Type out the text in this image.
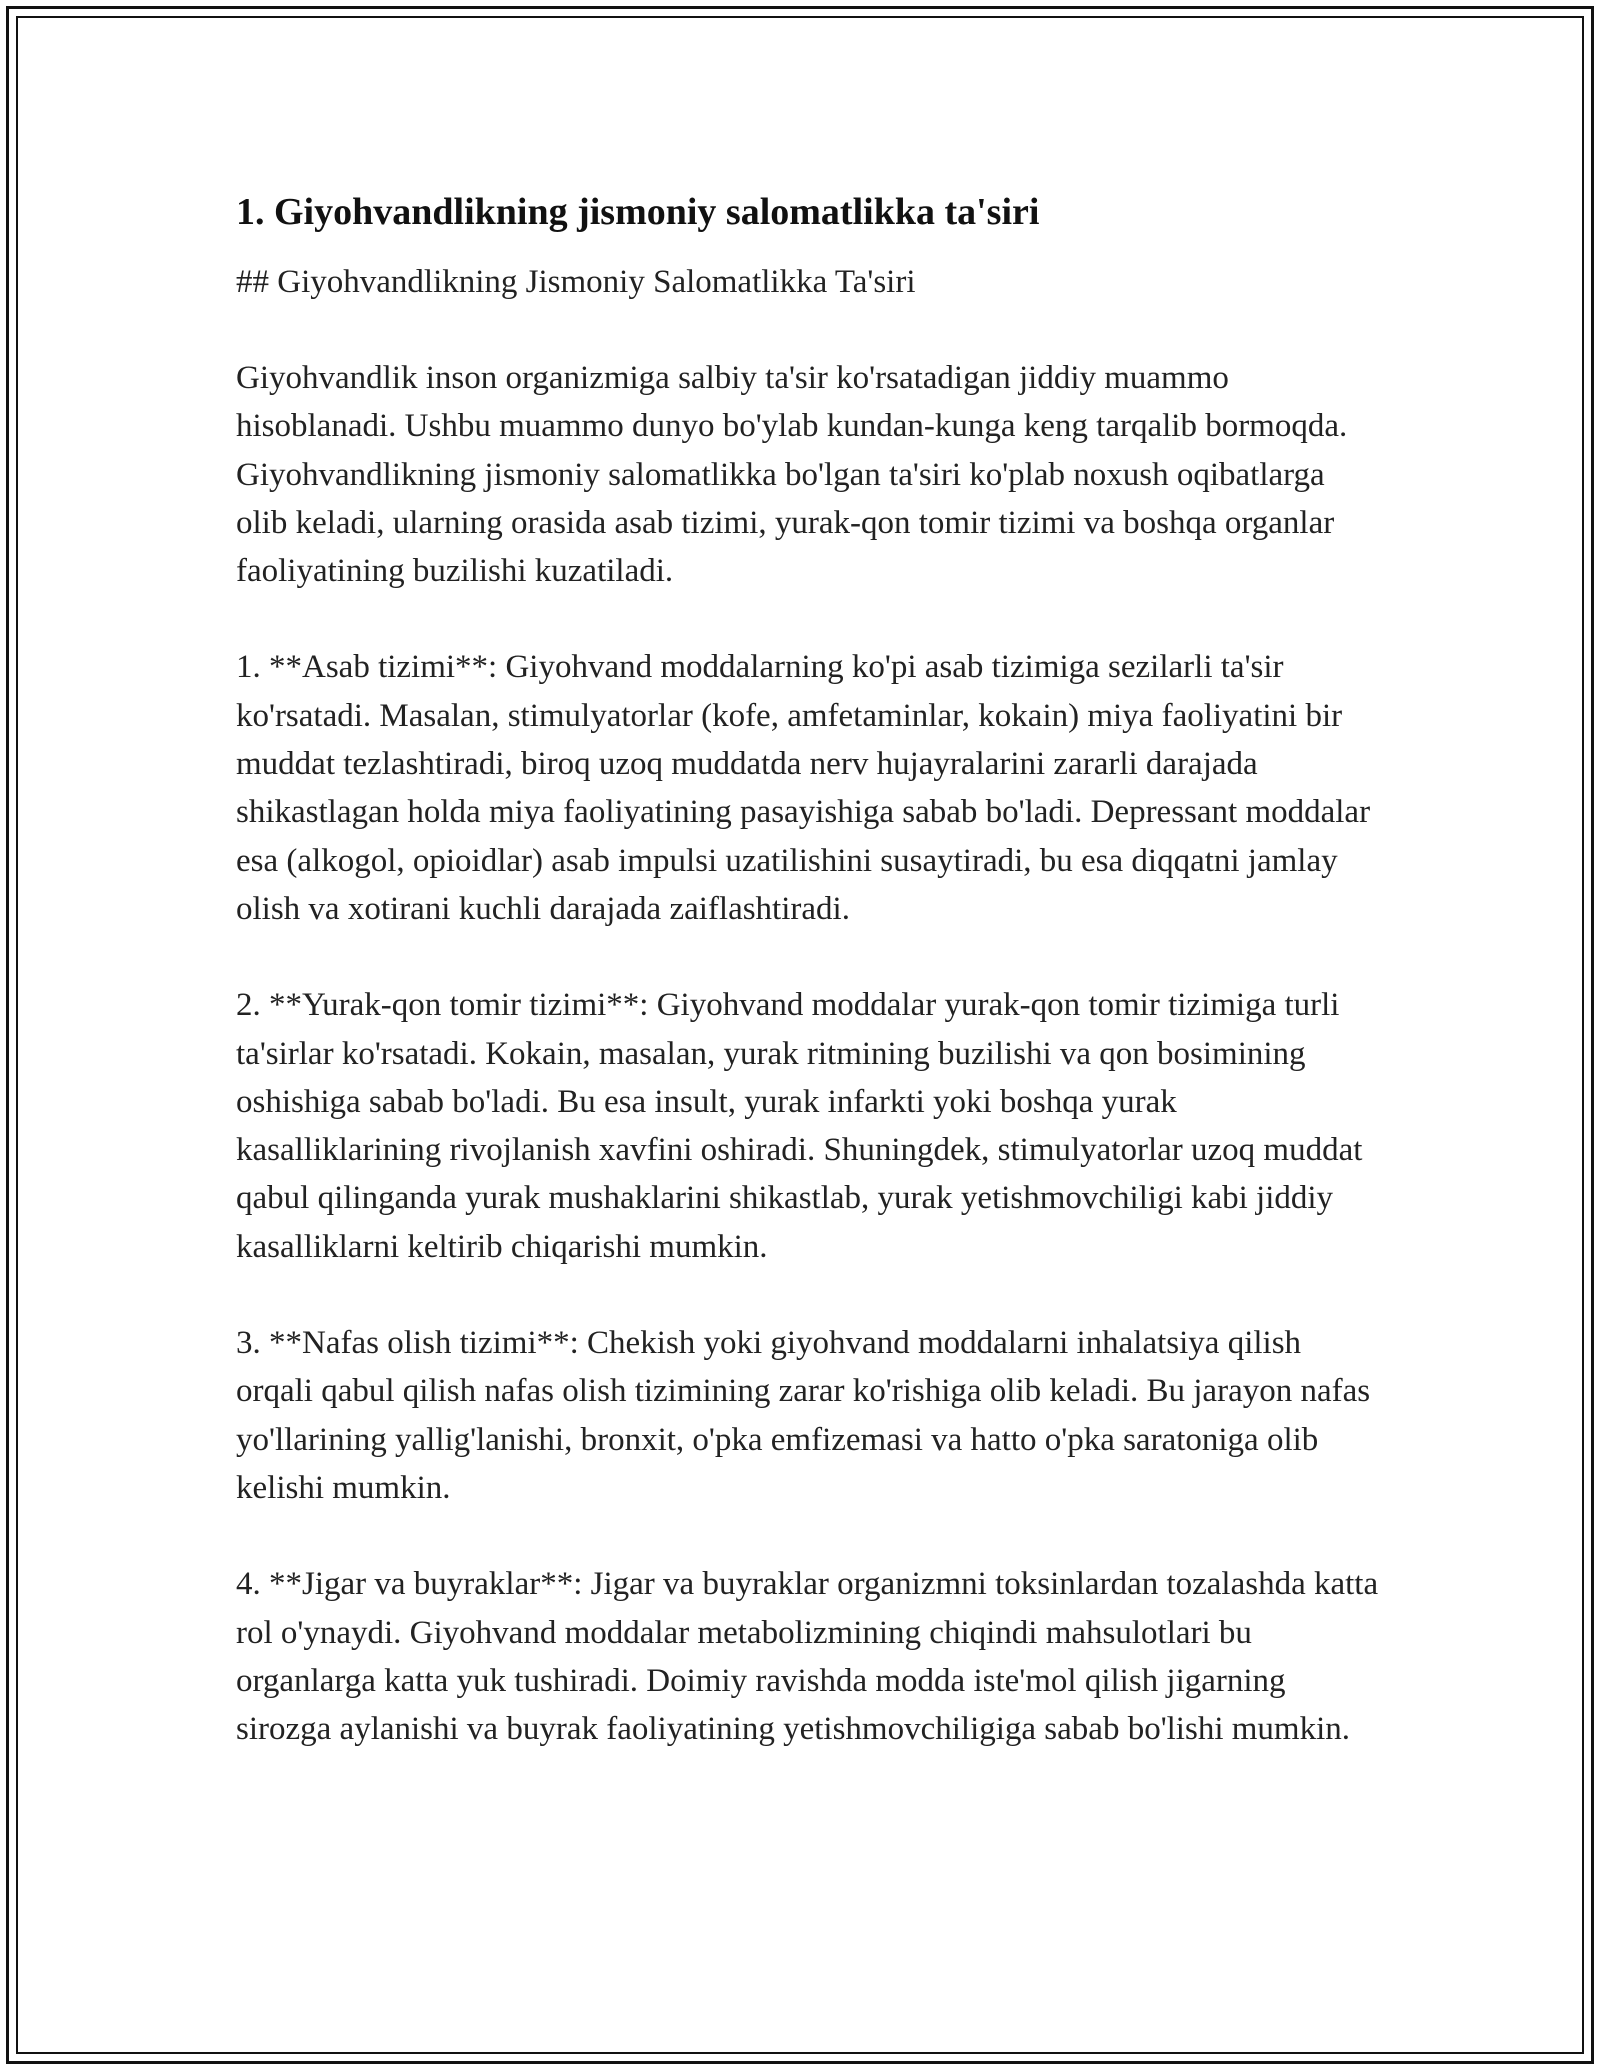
1. Giyohvandlikning jismoniy salomatlikka ta'siri

## Giyohvandlikning Jismoniy Salomatlikka Ta'siri

Giyohvandlik inson organizmiga salbiy ta'sir ko'rsatadigan jiddiy muammo hisoblanadi. Ushbu muammo dunyo bo'ylab kundan-kunga keng tarqalib bormoqda. Giyohvandlikning jismoniy salomatlikka bo'lgan ta'siri ko'plab noxush oqibatlarga olib keladi, ularning orasida asab tizimi, yurak-qon tomir tizimi va boshqa organlar faoliyatining buzilishi kuzatiladi.

1. **Asab tizimi**: Giyohvand moddalarning ko'pi asab tizimiga sezilarli ta'sir ko'rsatadi. Masalan, stimulyatorlar (kofe, amfetaminlar, kokain) miya faoliyatini bir muddat tezlashtiradi, biroq uzoq muddatda nerv hujayralarini zararli darajada shikastlagan holda miya faoliyatining pasayishiga sabab bo'ladi. Depressant moddalar esa (alkogol, opioidlar) asab impulsi uzatilishini susaytiradi, bu esa diqqatni jamlay olish va xotirani kuchli darajada zaiflashtiradi.

2. **Yurak-qon tomir tizimi**: Giyohvand moddalar yurak-qon tomir tizimiga turli ta'sirlar ko'rsatadi. Kokain, masalan, yurak ritmining buzilishi va qon bosimining oshishiga sabab bo'ladi. Bu esa insult, yurak infarkti yoki boshqa yurak kasalliklarining rivojlanish xavfini oshiradi. Shuningdek, stimulyatorlar uzoq muddat qabul qilinganda yurak mushaklarini shikastlab, yurak yetishmovchiligi kabi jiddiy kasalliklarni keltirib chiqarishi mumkin.

3. **Nafas olish tizimi**: Chekish yoki giyohvand moddalarni inhalatsiya qilish orqali qabul qilish nafas olish tizimining zarar ko'rishiga olib keladi. Bu jarayon nafas yo'llarining yallig'lanishi, bronxit, o'pka emfizemasi va hatto o'pka saratoniga olib kelishi mumkin.

4. **Jigar va buyraklar**: Jigar va buyraklar organizmni toksinlardan tozalashda katta rol o'ynaydi. Giyohvand moddalar metabolizmining chiqindi mahsulotlari bu organlarga katta yuk tushiradi. Doimiy ravishda modda iste'mol qilish jigarning sirozga aylanishi va buyrak faoliyatining yetishmovchiligiga sabab bo'lishi mumkin.
